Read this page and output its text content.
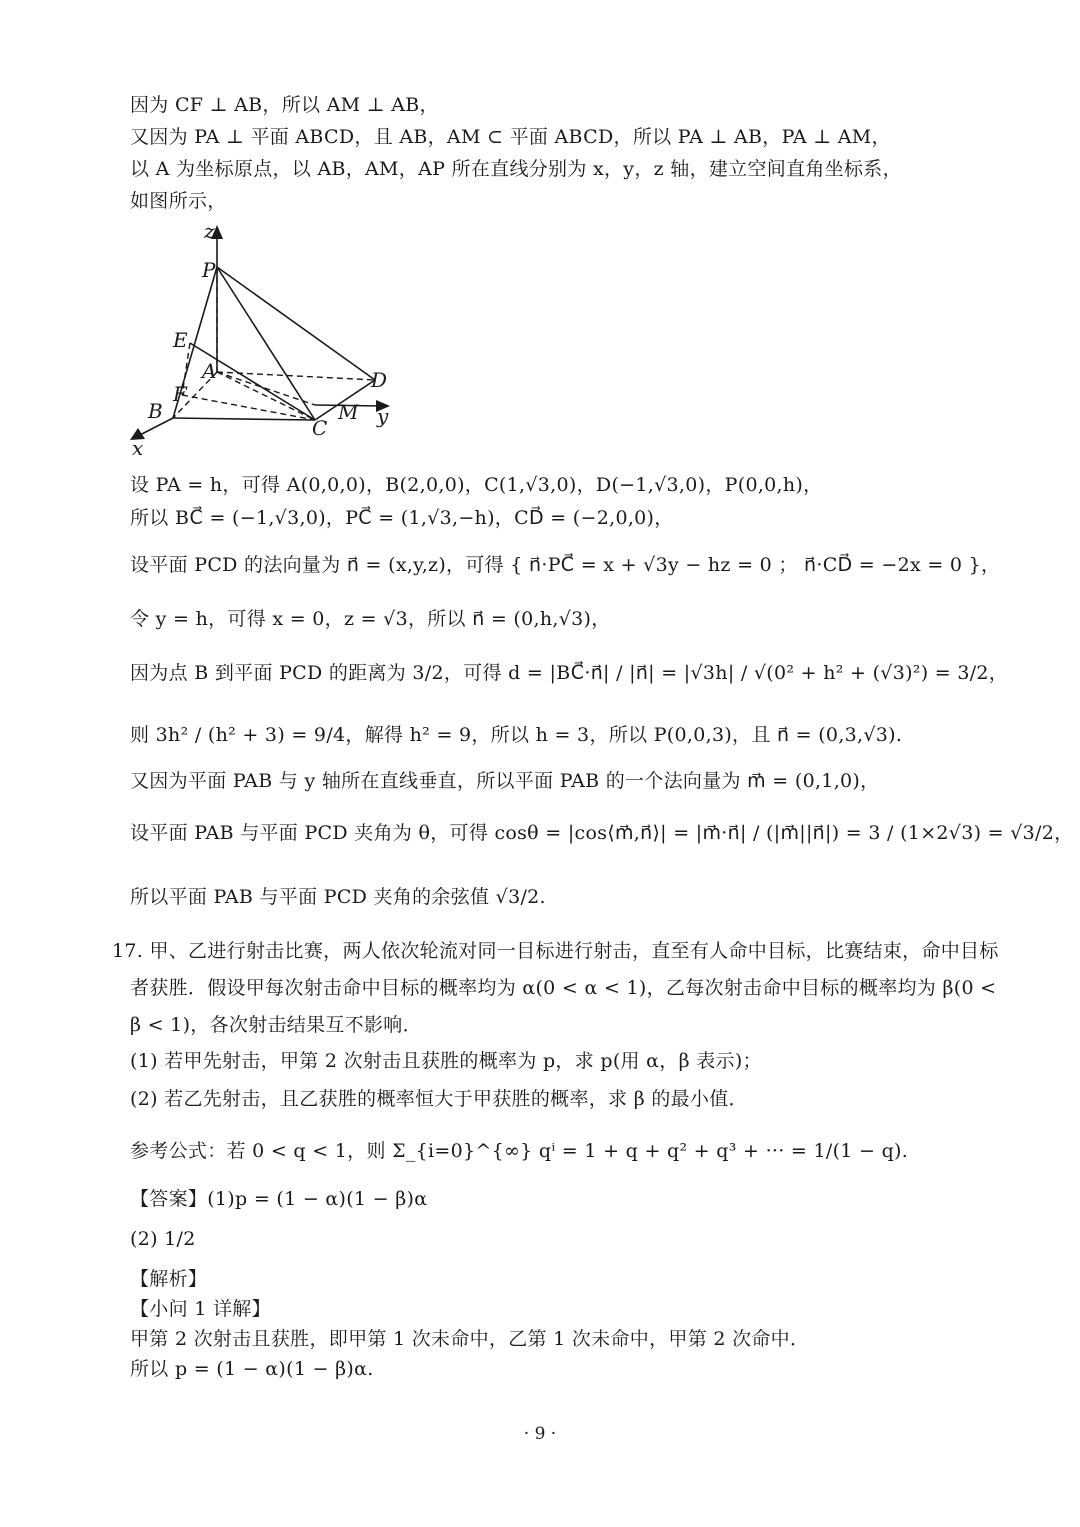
因为 CF ⊥ AB，所以 AM ⊥ AB，
又因为 PA ⊥ 平面 ABCD，且 AB，AM ⊂ 平面 ABCD，所以 PA ⊥ AB，PA ⊥ AM，
以 A 为坐标原点，以 AB，AM，AP 所在直线分别为 x，y，z 轴，建立空间直角坐标系，
如图所示，
z
P
E
A
F
B	M
C
D
y
x
设 PA = h，可得 A(0,0,0)，B(2,0,0)，C(1,√3,0)，D(−1,√3,0)，P(0,0,h)，
所以 BC⃗ = (−1,√3,0)，PC⃗ = (1,√3,−h)，CD⃗ = (−2,0,0)，
设平面 PCD 的法向量为 n⃗ = (x,y,z)，可得 { n⃗·PC⃗ = x + √3y − hz = 0 ； n⃗·CD⃗ = −2x = 0 }，
令 y = h，可得 x = 0，z = √3，所以 n⃗ = (0,h,√3)，
因为点 B 到平面 PCD 的距离为 3/2，可得 d = |BC⃗·n⃗| / |n⃗| = |√3h| / √(0² + h² + (√3)²) = 3/2，
则 3h² / (h² + 3) = 9/4，解得 h² = 9，所以 h = 3，所以 P(0,0,3)，且 n⃗ = (0,3,√3).
又因为平面 PAB 与 y 轴所在直线垂直，所以平面 PAB 的一个法向量为 m⃗ = (0,1,0)，
设平面 PAB 与平面 PCD 夹角为 θ，可得 cosθ = |cos⟨m⃗,n⃗⟩| = |m⃗·n⃗| / (|m⃗||n⃗|) = 3 / (1×2√3) = √3/2，
所以平面 PAB 与平面 PCD 夹角的余弦值 √3/2.
17. 甲、乙进行射击比赛，两人依次轮流对同一目标进行射击，直至有人命中目标，比赛结束，命中目标
者获胜．假设甲每次射击命中目标的概率均为 α(0 < α < 1)，乙每次射击命中目标的概率均为 β(0 <
β < 1)，各次射击结果互不影响．
(1) 若甲先射击，甲第 2 次射击且获胜的概率为 p，求 p(用 α，β 表示)；
(2) 若乙先射击，且乙获胜的概率恒大于甲获胜的概率，求 β 的最小值．
参考公式：若 0 < q < 1，则 Σ_{i=0}^{∞} qⁱ = 1 + q + q² + q³ + ··· = 1/(1 − q).
【答案】(1)p = (1 − α)(1 − β)α
(2) 1/2
【解析】
【小问 1 详解】
甲第 2 次射击且获胜，即甲第 1 次未命中，乙第 1 次未命中，甲第 2 次命中．
所以 p = (1 − α)(1 − β)α.
· 9 ·
